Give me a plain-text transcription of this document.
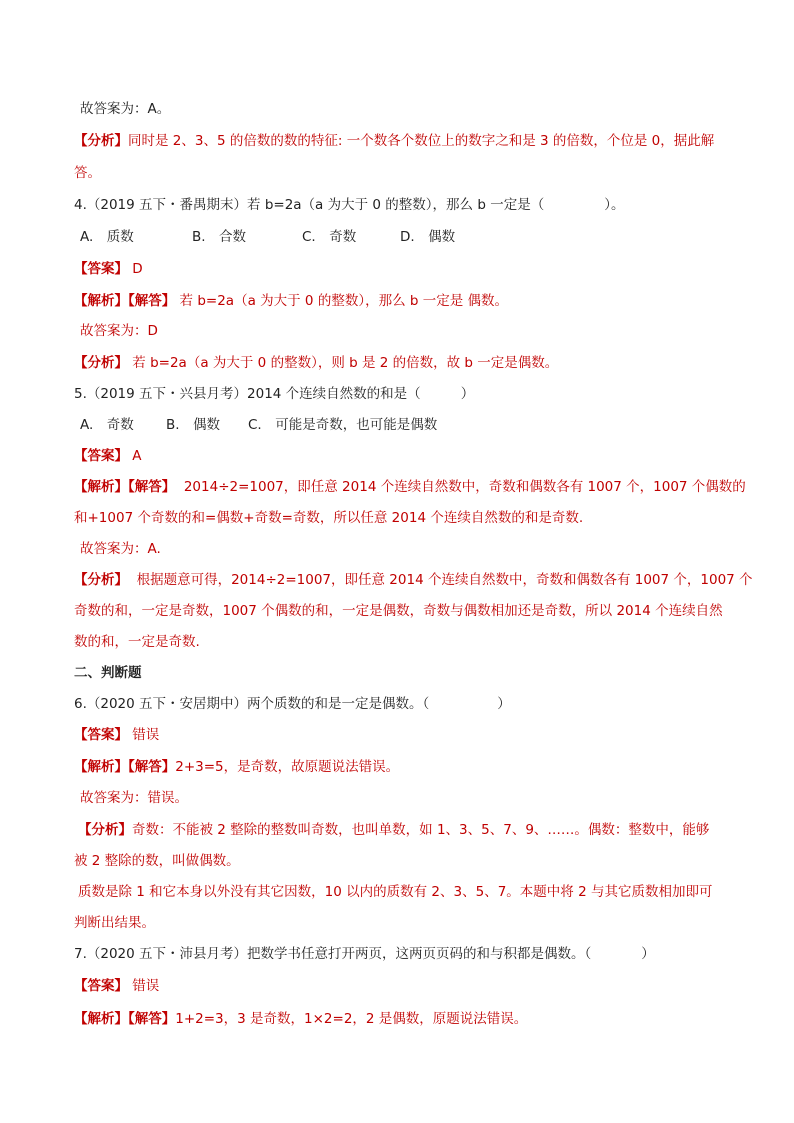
故答案为：A。
【分析】同时是 2、3、5 的倍数的数的特征: 一个数各个数位上的数字之和是 3 的倍数，个位是 0，据此解
答。
4.（2019 五下・番禺期末）若 b=2a（a 为大于 0 的整数），那么 b 一定是（	）。
A.　质数	B.　合数	C.　奇数	D.　偶数
【答案】 D
【解析】【解答】 若 b=2a（a 为大于 0 的整数），那么 b 一定是 偶数。
故答案为：D
【分析】 若 b=2a（a 为大于 0 的整数），则 b 是 2 的倍数，故 b 一定是偶数。
5.（2019 五下・兴县月考）2014 个连续自然数的和是（	）
A.　奇数 B.　偶数 C.　可能是奇数，也可能是偶数
【答案】 A
【解析】【解答】 2014÷2=1007，即任意 2014 个连续自然数中，奇数和偶数各有 1007 个，1007 个偶数的
和+1007 个奇数的和=偶数+奇数=奇数，所以任意 2014 个连续自然数的和是奇数.
故答案为：A.
【分析】 根据题意可得，2014÷2=1007，即任意 2014 个连续自然数中，奇数和偶数各有 1007 个，1007 个
奇数的和，一定是奇数，1007 个偶数的和，一定是偶数，奇数与偶数相加还是奇数，所以 2014 个连续自然
数的和，一定是奇数.
二、判断题
6.（2020 五下・安居期中）两个质数的和是一定是偶数。（	）
【答案】 错误
【解析】【解答】2+3=5，是奇数，故原题说法错误。
故答案为：错误。
【分析】奇数：不能被 2 整除的整数叫奇数，也叫单数，如 1、3、5、7、9、……。偶数：整数中，能够
被 2 整除的数，叫做偶数。
质数是除 1 和它本身以外没有其它因数，10 以内的质数有 2、3、5、7。本题中将 2 与其它质数相加即可
判断出结果。
7.（2020 五下・沛县月考）把数学书任意打开两页，这两页页码的和与积都是偶数。（	）
【答案】 错误
【解析】【解答】1+2=3，3 是奇数，1×2=2，2 是偶数，原题说法错误。
